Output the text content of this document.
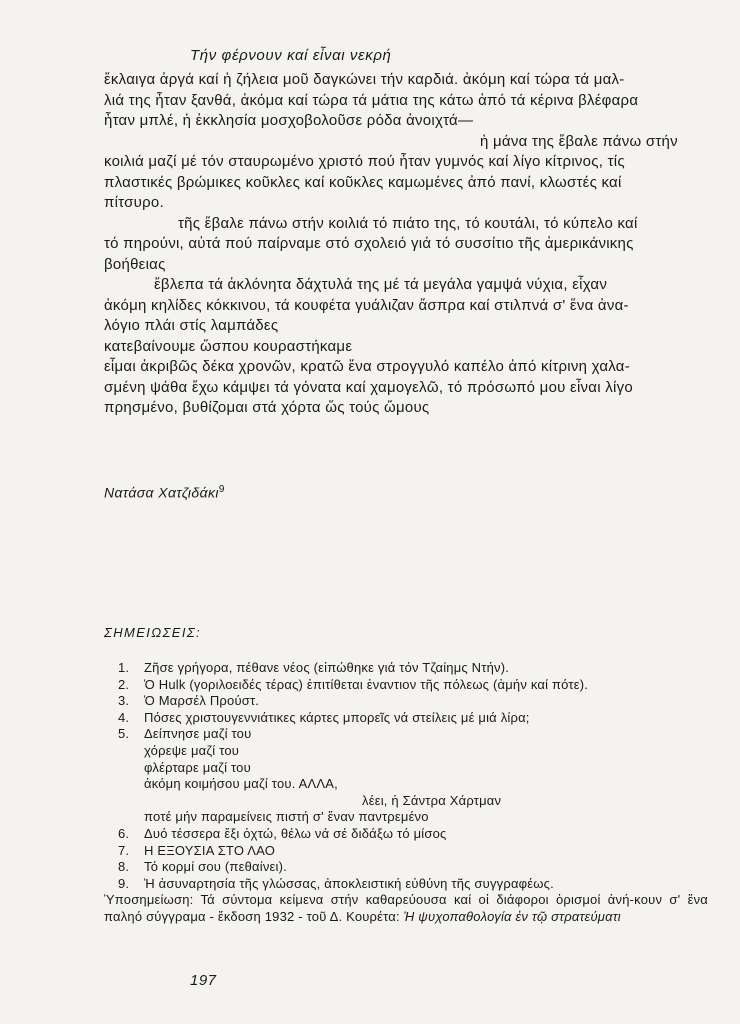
Τήν φέρνουν καί εἶναι νεκρή
ἔκλαιγα ἀργά καί ἡ ζήλεια μοῦ δαγκώνει τήν καρδιά. ἀκόμη καί τώρα τά μαλ-
λιά της ἦταν ξανθά, ἀκόμα καί τώρα τά μάτια της κάτω ἀπό τά κέρινα βλέφαρα
ἦταν μπλέ, ἡ ἐκκλησία μοσχοβολοῦσε ρόδα ἀνοιχτά—
ἡ μάνα της ἔβαλε πάνω στήν
κοιλιά μαζί μέ τόν σταυρωμένο χριστό πού ἦταν γυμνός καί λίγο κίτρινος, τίς
πλαστικές βρώμικες κοῦκλες καί κοῦκλες καμωμένες ἀπό πανί, κλωστές καί
πίτσυρο.
τῆς ἔβαλε πάνω στήν κοιλιά τό πιάτο της, τό κουτάλι, τό κύπελο καί
τό πηρούνι, αὐτά πού παίρναμε στό σχολειό γιά τό συσσίτιο τῆς ἀμερικάνικης
βοήθειας
ἔβλεπα τά ἀκλόνητα δάχτυλά της μέ τά μεγάλα γαμψά νύχια, εἶχαν
ἀκόμη κηλίδες κόκκινου, τά κουφέτα γυάλιζαν ἄσπρα καί στιλπνά σ' ἕνα ἀνα-
λόγιο πλάι στίς λαμπάδες
κατεβαίνουμε ὥσπου κουραστήκαμε
εἶμαι ἀκριβῶς δέκα χρονῶν, κρατῶ ἕνα στρογγυλό καπέλο ἀπό κίτρινη χαλα-
σμένη ψάθα ἔχω κάμψει τά γόνατα καί χαμογελῶ, τό πρόσωπό μου εἶναι λίγο
πρησμένο, βυθίζομαι στά χόρτα ὥς τούς ὤμους
Νατάσα Χατζιδάκι$^9$
ΣΗΜΕΙΩΣΕΙΣ:
1. Ζῆσε γρήγορα, πέθανε νέος (εἰπώθηκε γιά τόν Τζαίημς Ντήν).
2. Ὁ Hulk (γοριλοειδές τέρας) ἐπιτίθεται ἐναντιον τῆς πόλεως (ἀμήν καί πότε).
3. Ὁ Μαρσέλ Προύστ.
4. Πόσες χριστουγεννιάτικες κάρτες μπορεῖς νά στείλεις μέ μιά λίρα;
5. Δείπνησε μαζί του
χόρεψε μαζί του
φλέρταρε μαζί του
ἀκόμη κοιμήσου μαζί του. ΑΛΛΑ,
λέει, ἡ Σάντρα Χάρτμαν
ποτέ μήν παραμείνεις πιστή σ' ἕναν παντρεμένο
6. Δυό τέσσερα ἔξι ὀχτώ, θέλω νά σέ διδάξω τό μίσος
7. Η ΕΞΟΥΣΙΑ ΣΤΟ ΛΑΟ
8. Τό κορμί σου (πεθαίνει).
9. Ἡ ἀσυναρτησία τῆς γλώσσας, ἀποκλειστική εὐθύνη τῆς συγγραφέως.
Ὑποσημείωση: Τά σύντομα κείμενα στήν καθαρεύουσα καί οἱ διάφοροι ὁρισμοί ἀνή-κουν σ' ἕνα παληό σύγγραμα - ἔκδοση 1932 - τοῦ Δ. Κουρέτα: Ἡ ψυχοπαθολογία ἐν τῷ στρατεύματι
197
